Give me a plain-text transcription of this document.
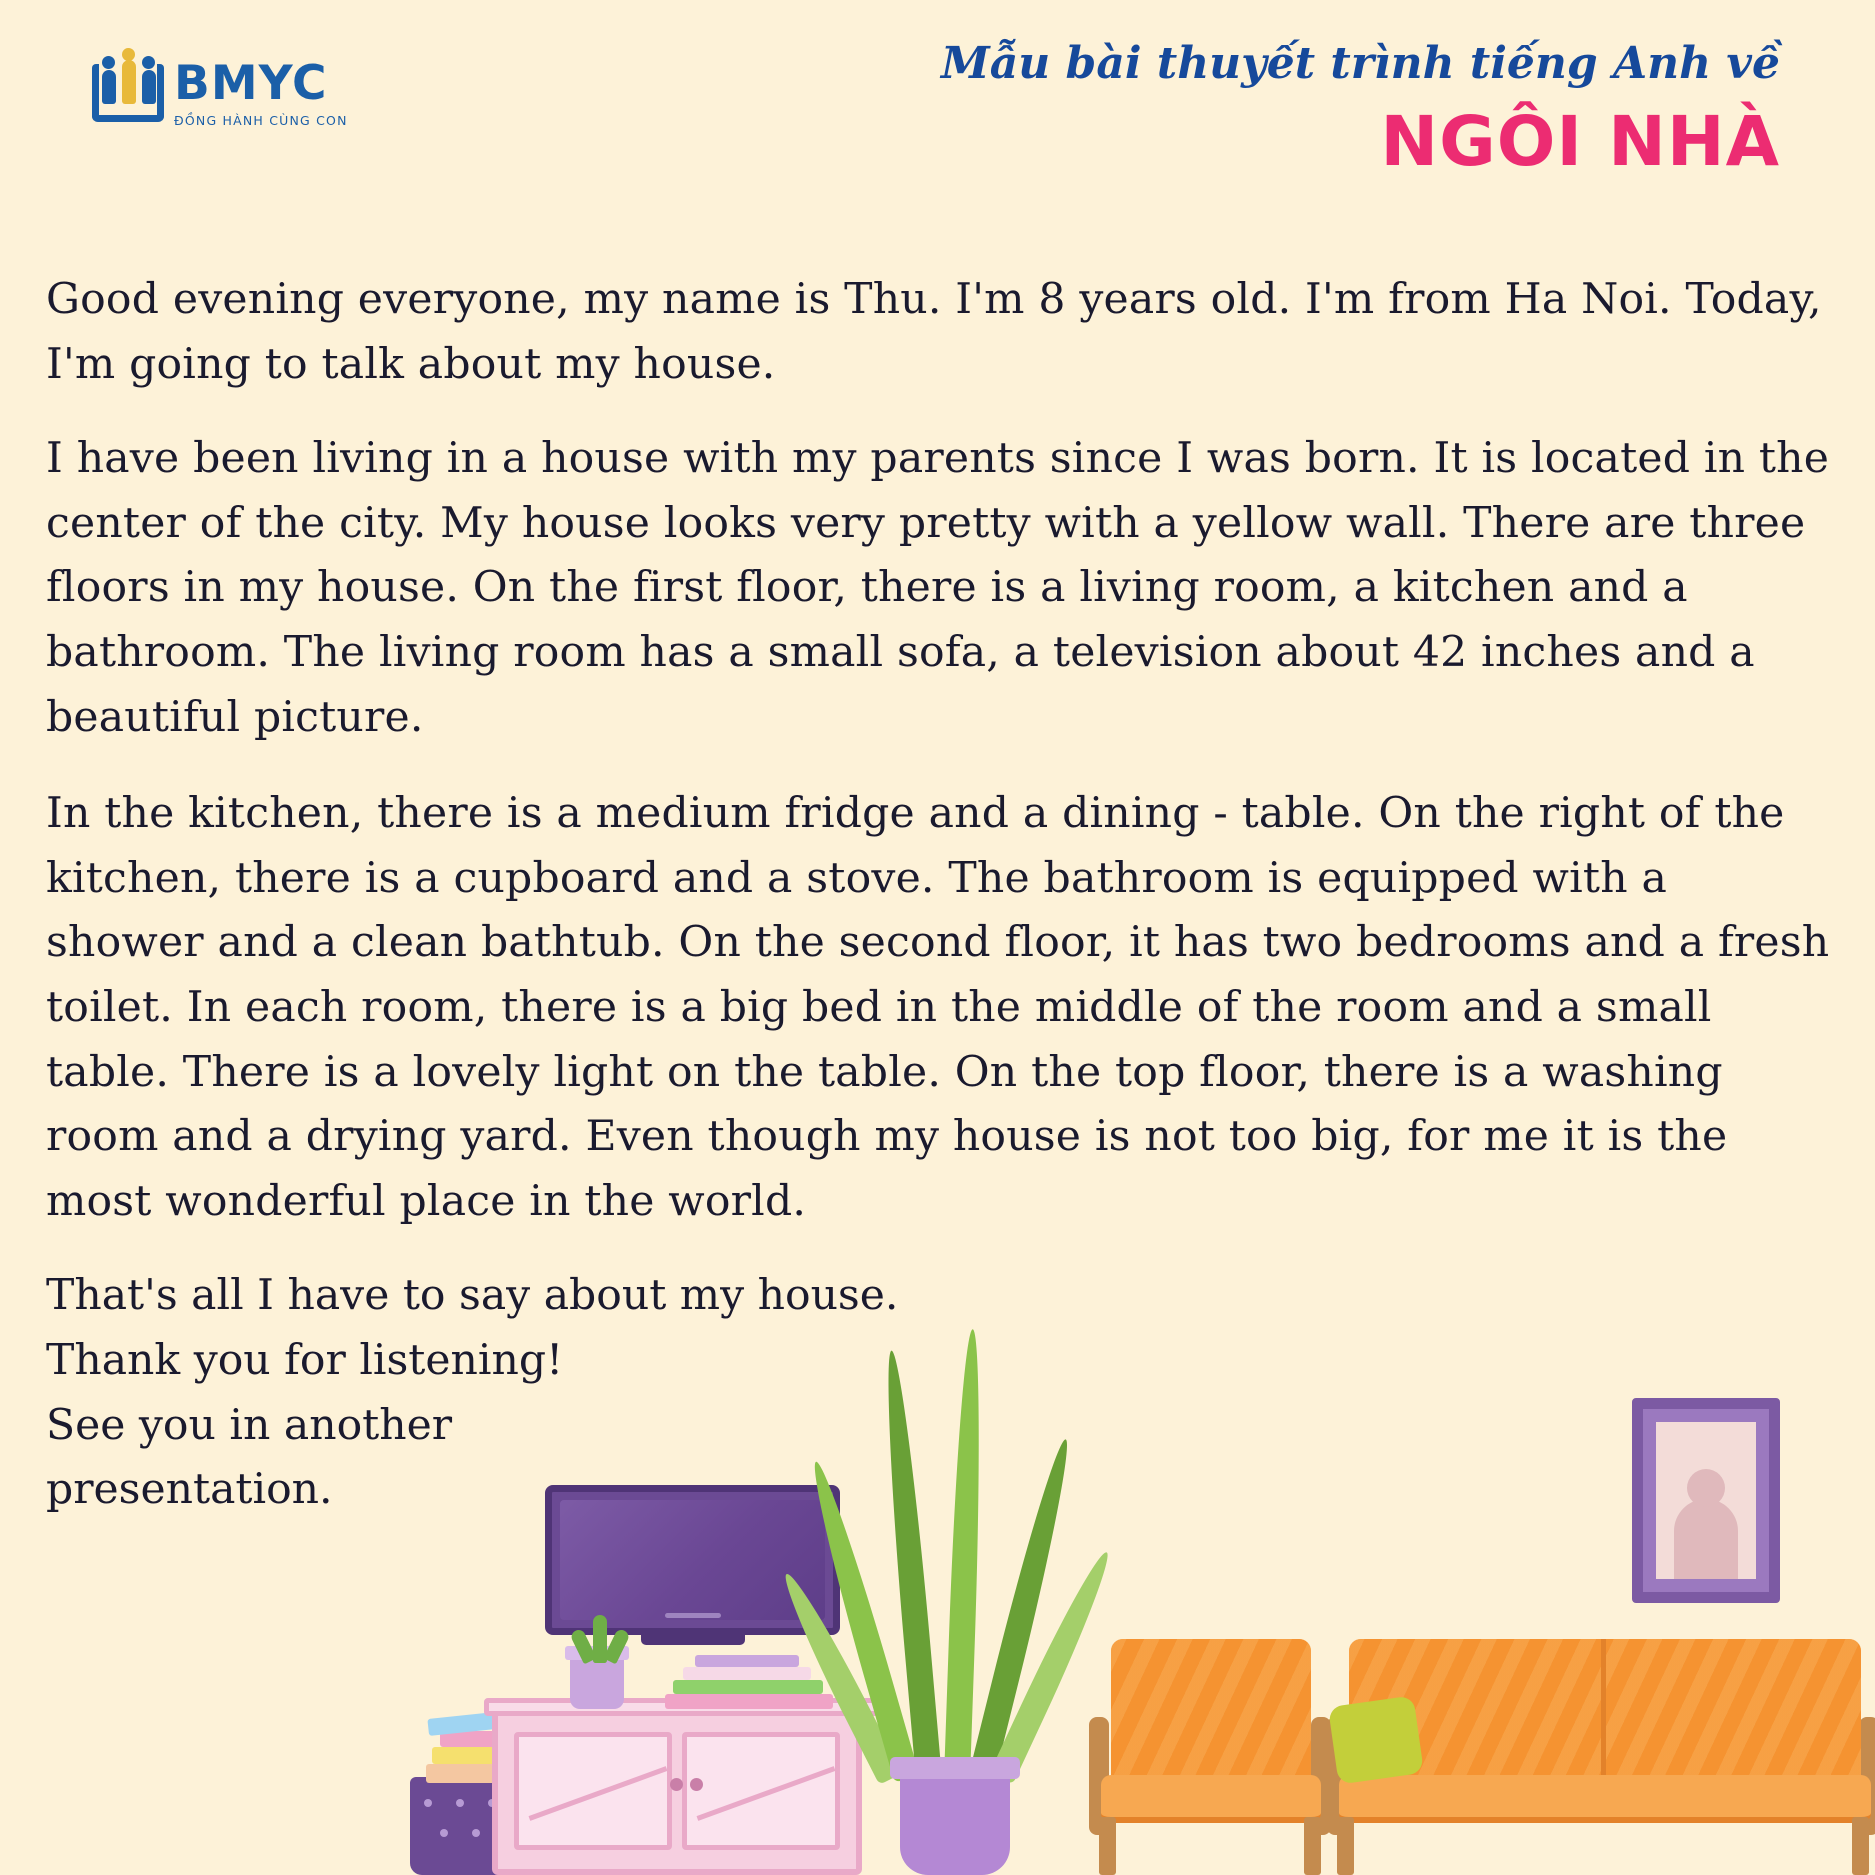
BMYC
ĐỒNG HÀNH CÙNG CON
Mẫu bài thuyết trình tiếng Anh về
NGÔI NHÀ

Good evening everyone, my name is Thu. I'm 8 years old. I'm from Ha Noi. Today, I'm going to talk about my house.

I have been living in a house with my parents since I was born. It is located in the center of the city. My house looks very pretty with a yellow wall. There are three floors in my house. On the first floor, there is a living room, a kitchen and a bathroom. The living room has a small sofa, a television about 42 inches and a beautiful picture.

In the kitchen, there is a medium fridge and a dining - table. On the right of the kitchen, there is a cupboard and a stove. The bathroom is equipped with a shower and a clean bathtub. On the second floor, it has two bedrooms and a fresh toilet. In each room, there is a big bed in the middle of the room and a small table. There is a lovely light on the table. On the top floor, there is a washing room and a drying yard. Even though my house is not too big, for me it is the most wonderful place in the world.

That's all I have to say about my house.
Thank you for listening!
See you in another
presentation.
